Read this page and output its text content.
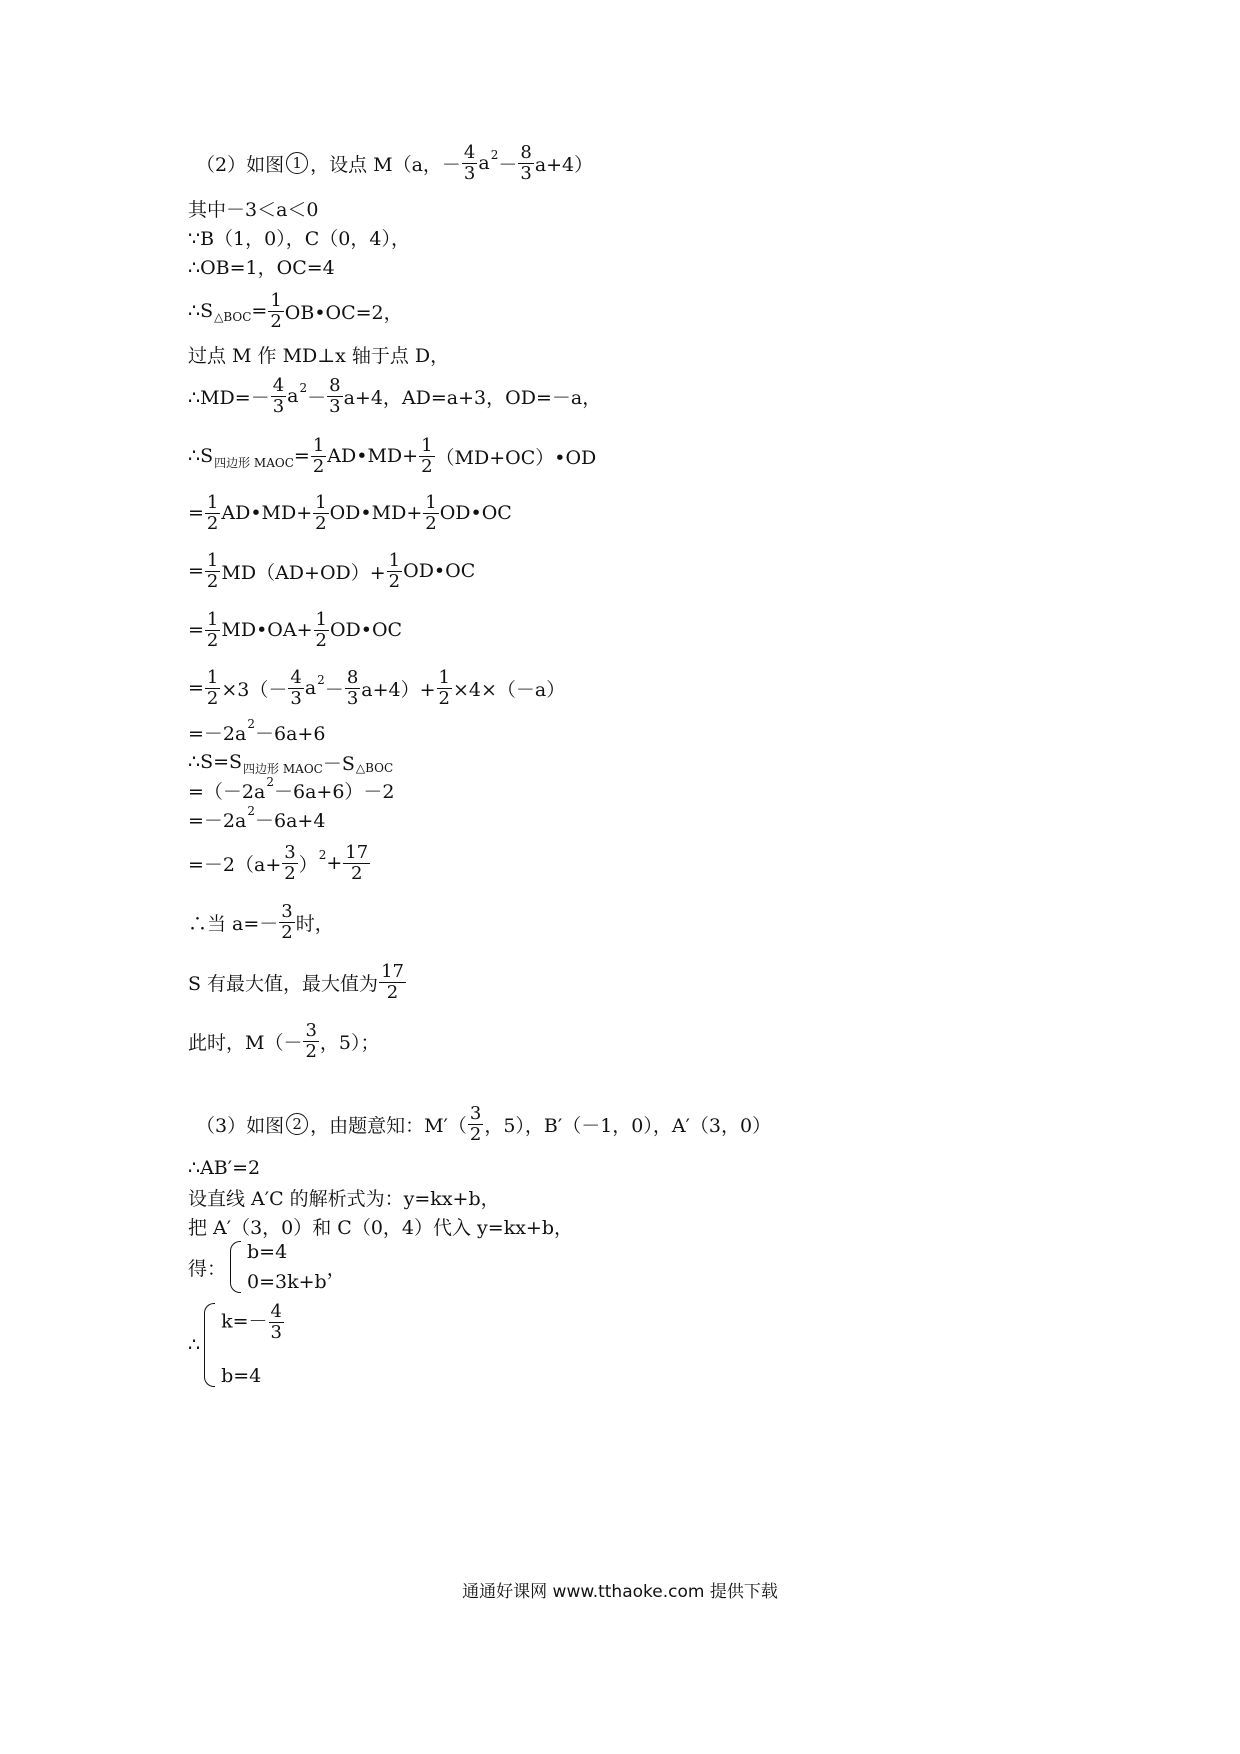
（2）如图 1 ，设点 M（a，－ $\frac{4}{3}$ a $2 - \frac{8}{3} a+4$）
其中－3＜a＜0
∵B（1，0），C（0，4），
∴OB=1，OC=4
∴S △BOC = $\frac{1}{2}$ OB•OC=2，
过点 M 作 MD⊥x 轴于点 D，
∴MD=－ $\frac{4}{3}$ a $2 - \frac{8}{3} a+4$，AD=a+3，OD=－a，
∴S 四边形 MAOC = $\frac{1}{2}$ AD•MD+ $\frac{1}{2}$ （MD+OC）•OD
= $\frac{1}{2}$ AD•MD+ $\frac{1}{2}$ OD•MD+ $\frac{1}{2}$ OD•OC
= $\frac{1}{2} MD(AD+OD)+ \frac{1}{2}$ OD•OC
= $\frac{1}{2}$ MD•OA+ $\frac{1}{2}$ OD•OC
= $\frac{1}{2} \times 3(- \frac{4}{3}$ a $2 - \frac{8}{3} a+4)+ \frac{1}{2} \times 4\times(-a)$
=－2a 2 －6a+6
∴S=S 四边形 MAOC －S △BOC
=（－2a 2 －6a+6）－2
=－2a 2 －6a+4
$=-2(a+ \frac{3}{2}$ ） $2 + \frac{17}{2}$
∴当 $a=- \frac{3}{2}$ 时，
S 有最大值，最大值为 $\frac{17}{2}$
此时，$M(- \frac{3}{2}$ ，5）；
（3）如图 2 ，由题意知：$M'( \frac{3}{2}$ ，5），B′（－1，0），A′（3，0）
∴AB′=2
设直线 A′C 的解析式为：y=kx+b，
把 A′（3，0）和 C（0，4）代入 y=kx+b，
得：
b=4
0=3k+b
，
∴
$k=- \frac{4}{3}$
b=4
通通好课网 www.tthaoke.com 提供下载
